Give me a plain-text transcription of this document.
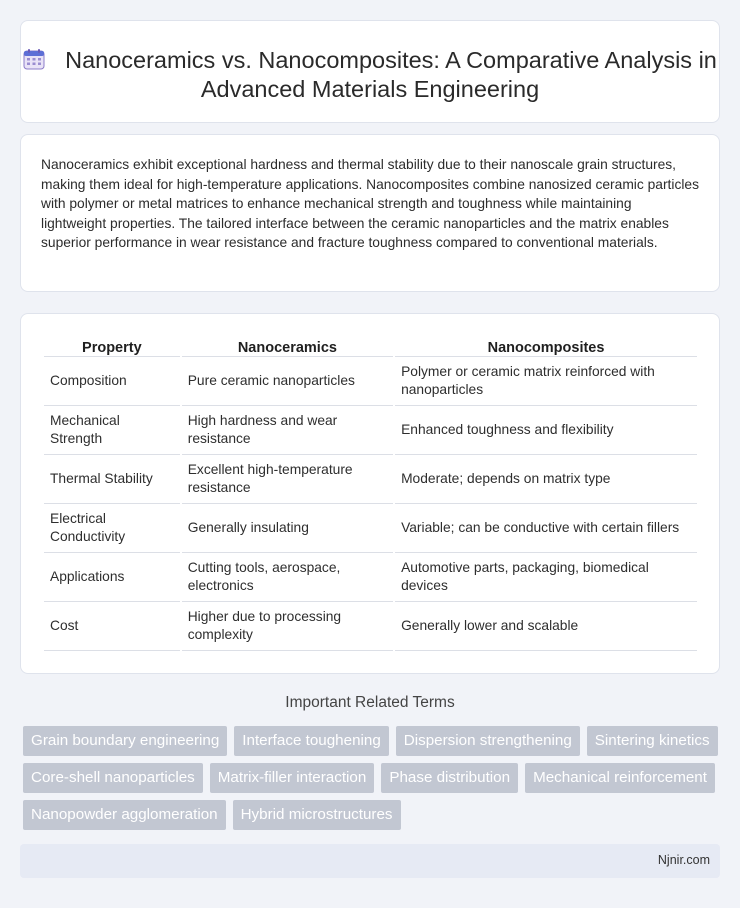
Nanoceramics vs. Nanocomposites: A Comparative Analysis in Advanced Materials Engineering

Nanoceramics exhibit exceptional hardness and thermal stability due to their nanoscale grain structures, making them ideal for high-temperature applications. Nanocomposites combine nanosized ceramic particles with polymer or metal matrices to enhance mechanical strength and toughness while maintaining lightweight properties. The tailored interface between the ceramic nanoparticles and the matrix enables superior performance in wear resistance and fracture toughness compared to conventional materials.

Property	Nanoceramics	Nanocomposites
Composition	Pure ceramic nanoparticles	Polymer or ceramic matrix reinforced with nanoparticles
Mechanical Strength	High hardness and wear resistance	Enhanced toughness and flexibility
Thermal Stability	Excellent high-temperature resistance	Moderate; depends on matrix type
Electrical Conductivity	Generally insulating	Variable; can be conductive with certain fillers
Applications	Cutting tools, aerospace, electronics	Automotive parts, packaging, biomedical devices
Cost	Higher due to processing complexity	Generally lower and scalable
Important Related Terms
Grain boundary engineering	Interface toughening	Dispersion strengthening	Sintering kinetics
Core-shell nanoparticles	Matrix-filler interaction	Phase distribution	Mechanical reinforcement
Nanopowder agglomeration	Hybrid microstructures
Njnir.com
